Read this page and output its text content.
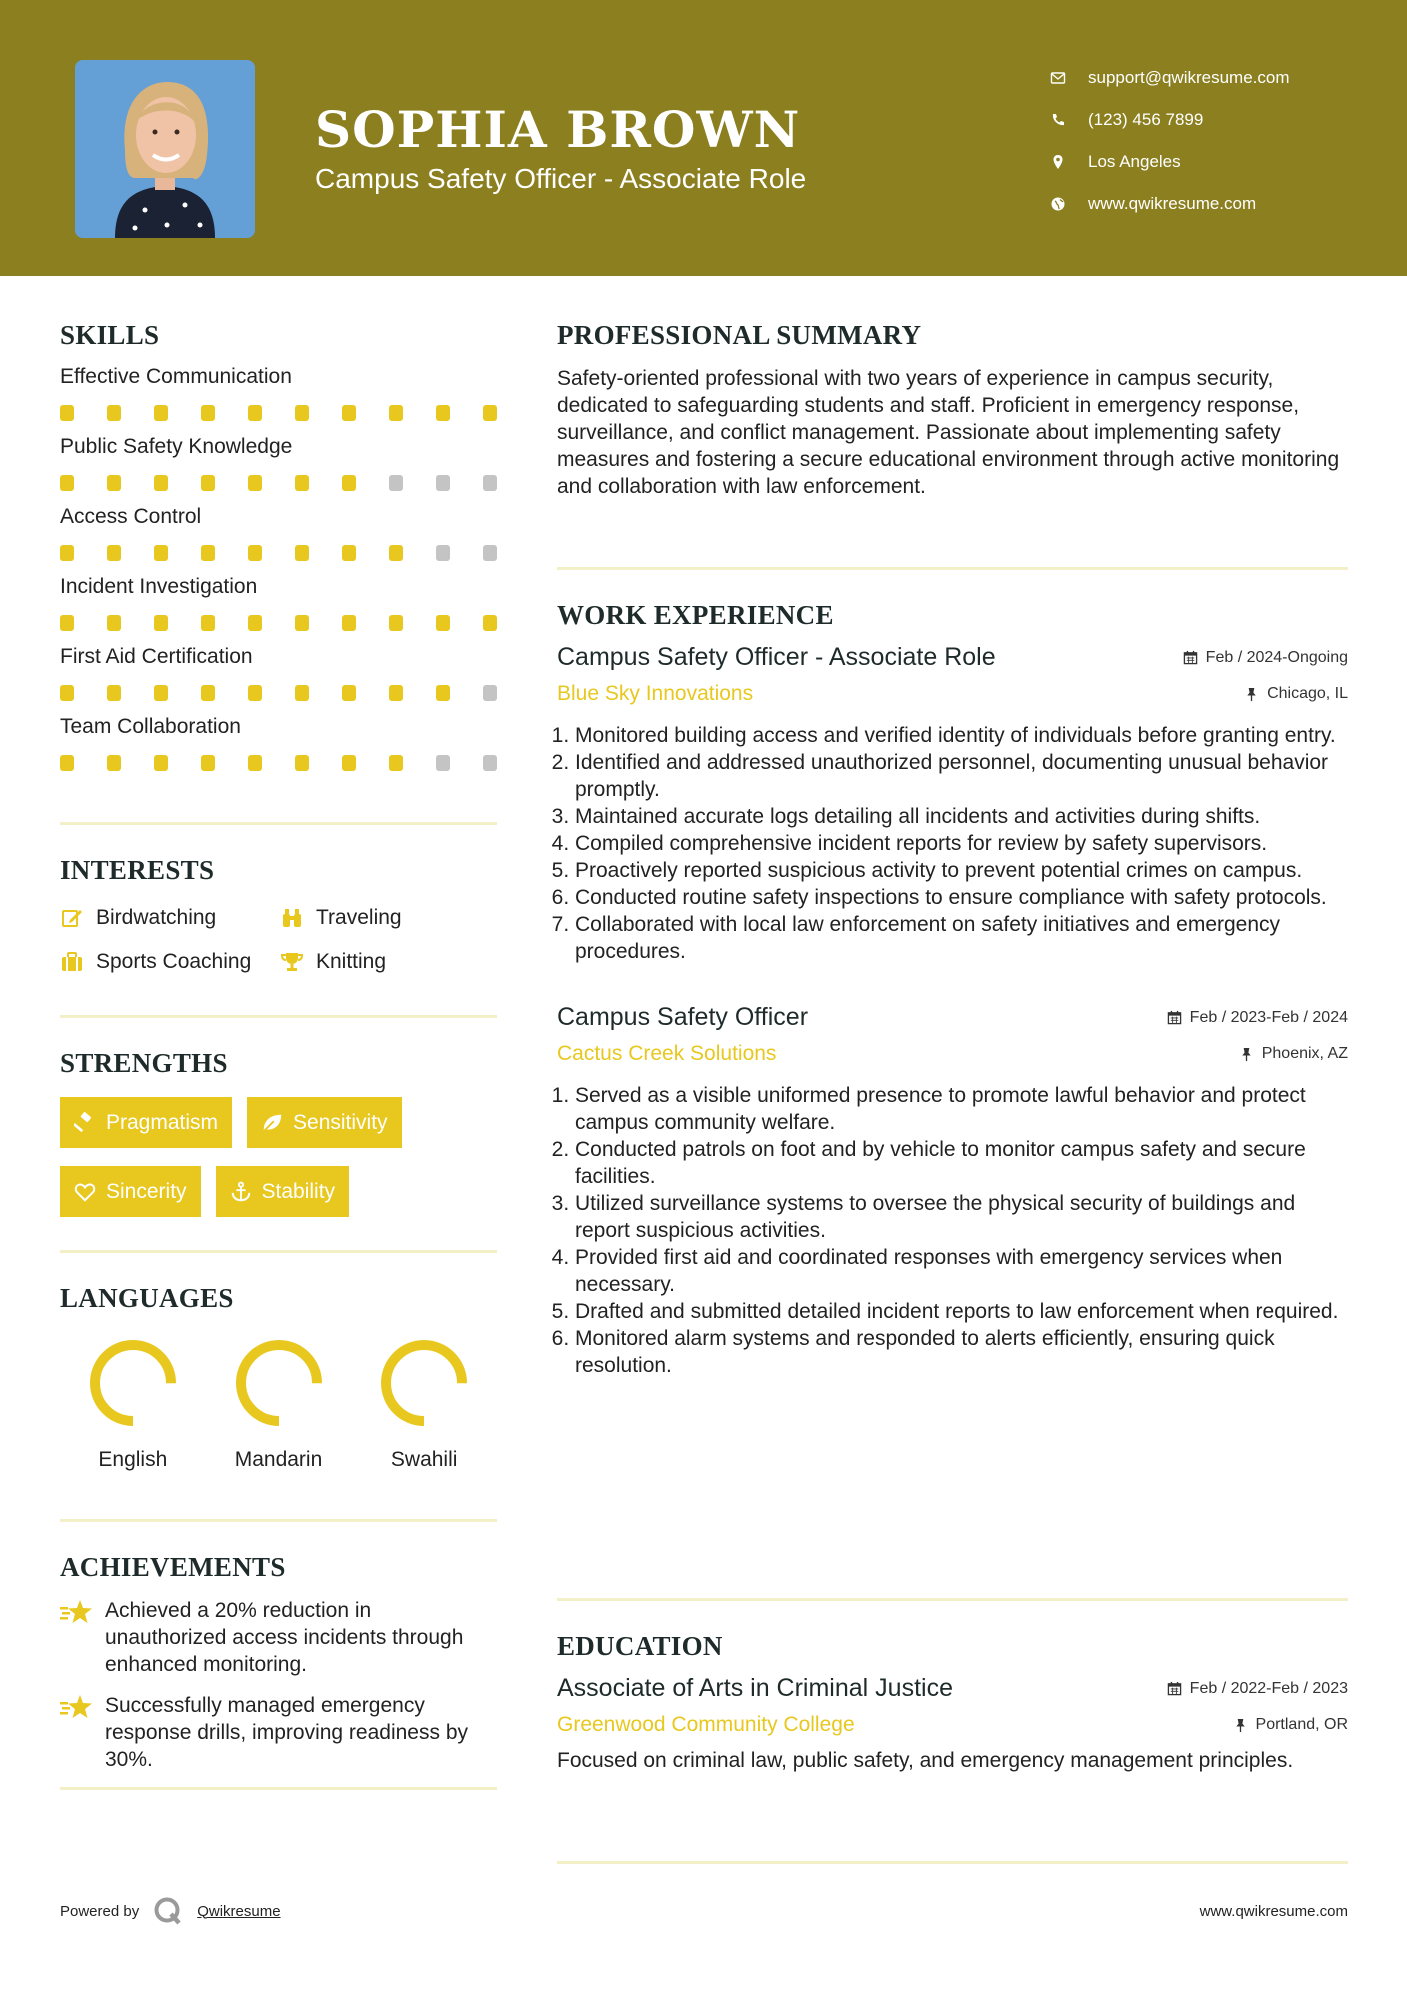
SOPHIA BROWN
Campus Safety Officer - Associate Role
support@qwikresume.com
(123) 456 7899
Los Angeles
www.qwikresume.com
SKILLS
Effective Communication
Public Safety Knowledge
Access Control
Incident Investigation
First Aid Certification
Team Collaboration
INTERESTS
Birdwatching	Traveling
Sports Coaching	Knitting
STRENGTHS
Pragmatism	Sensitivity
Sincerity	Stability
LANGUAGES
English	Mandarin	Swahili
ACHIEVEMENTS
Achieved a 20% reduction in unauthorized access incidents through enhanced monitoring.
Successfully managed emergency response drills, improving readiness by 30%.
PROFESSIONAL SUMMARY
Safety-oriented professional with two years of experience in campus security, dedicated to safeguarding students and staff. Proficient in emergency response, surveillance, and conflict management. Passionate about implementing safety measures and fostering a secure educational environment through active monitoring and collaboration with law enforcement.
WORK EXPERIENCE
Campus Safety Officer - Associate Role	Feb / 2024-Ongoing
Blue Sky Innovations	Chicago, IL
1. Monitored building access and verified identity of individuals before granting entry.
2. Identified and addressed unauthorized personnel, documenting unusual behavior promptly.
3. Maintained accurate logs detailing all incidents and activities during shifts.
4. Compiled comprehensive incident reports for review by safety supervisors.
5. Proactively reported suspicious activity to prevent potential crimes on campus.
6. Conducted routine safety inspections to ensure compliance with safety protocols.
7. Collaborated with local law enforcement on safety initiatives and emergency procedures.
Campus Safety Officer	Feb / 2023-Feb / 2024
Cactus Creek Solutions	Phoenix, AZ
1. Served as a visible uniformed presence to promote lawful behavior and protect campus community welfare.
2. Conducted patrols on foot and by vehicle to monitor campus safety and secure facilities.
3. Utilized surveillance systems to oversee the physical security of buildings and report suspicious activities.
4. Provided first aid and coordinated responses with emergency services when necessary.
5. Drafted and submitted detailed incident reports to law enforcement when required.
6. Monitored alarm systems and responded to alerts efficiently, ensuring quick resolution.
EDUCATION
Associate of Arts in Criminal Justice	Feb / 2022-Feb / 2023
Greenwood Community College	Portland, OR
Focused on criminal law, public safety, and emergency management principles.
Powered by	Qwikresume	www.qwikresume.com
